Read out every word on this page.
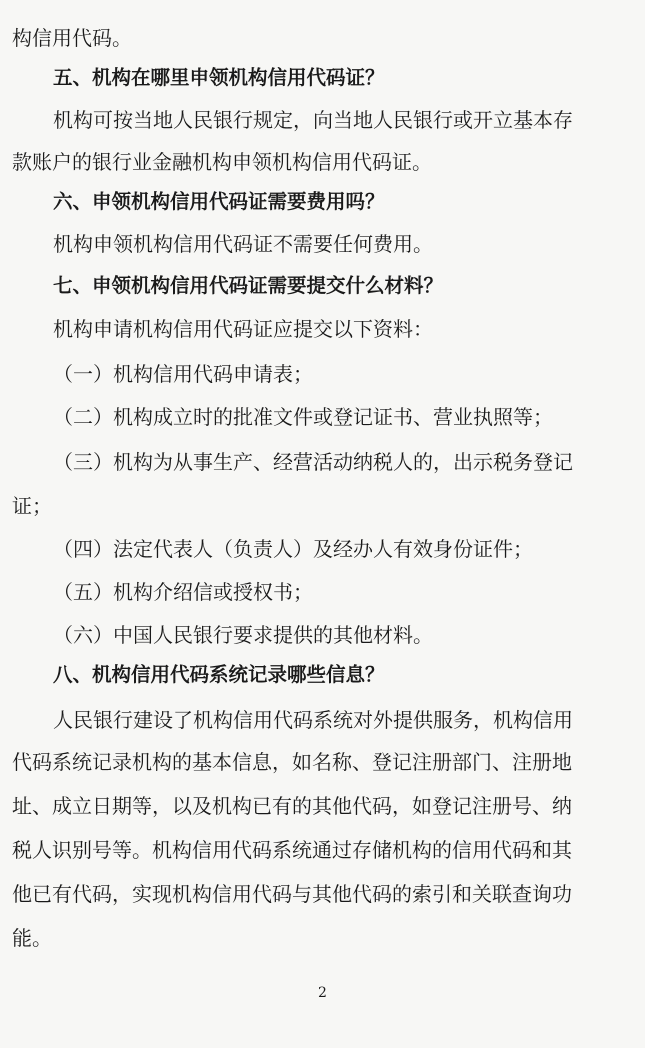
构信用代码。

五、机构在哪里申领机构信用代码证？

机构可按当地人民银行规定，向当地人民银行或开立基本存

款账户的银行业金融机构申领机构信用代码证。

六、申领机构信用代码证需要费用吗？

机构申领机构信用代码证不需要任何费用。

七、申领机构信用代码证需要提交什么材料？

机构申请机构信用代码证应提交以下资料：

（一）机构信用代码申请表；

（二）机构成立时的批准文件或登记证书、营业执照等；

（三）机构为从事生产、经营活动纳税人的，出示税务登记

证；

（四）法定代表人（负责人）及经办人有效身份证件；

（五）机构介绍信或授权书；

（六）中国人民银行要求提供的其他材料。

八、机构信用代码系统记录哪些信息？

人民银行建设了机构信用代码系统对外提供服务，机构信用

代码系统记录机构的基本信息，如名称、登记注册部门、注册地

址、成立日期等，以及机构已有的其他代码，如登记注册号、纳

税人识别号等。机构信用代码系统通过存储机构的信用代码和其

他已有代码，实现机构信用代码与其他代码的索引和关联查询功

能。

2
